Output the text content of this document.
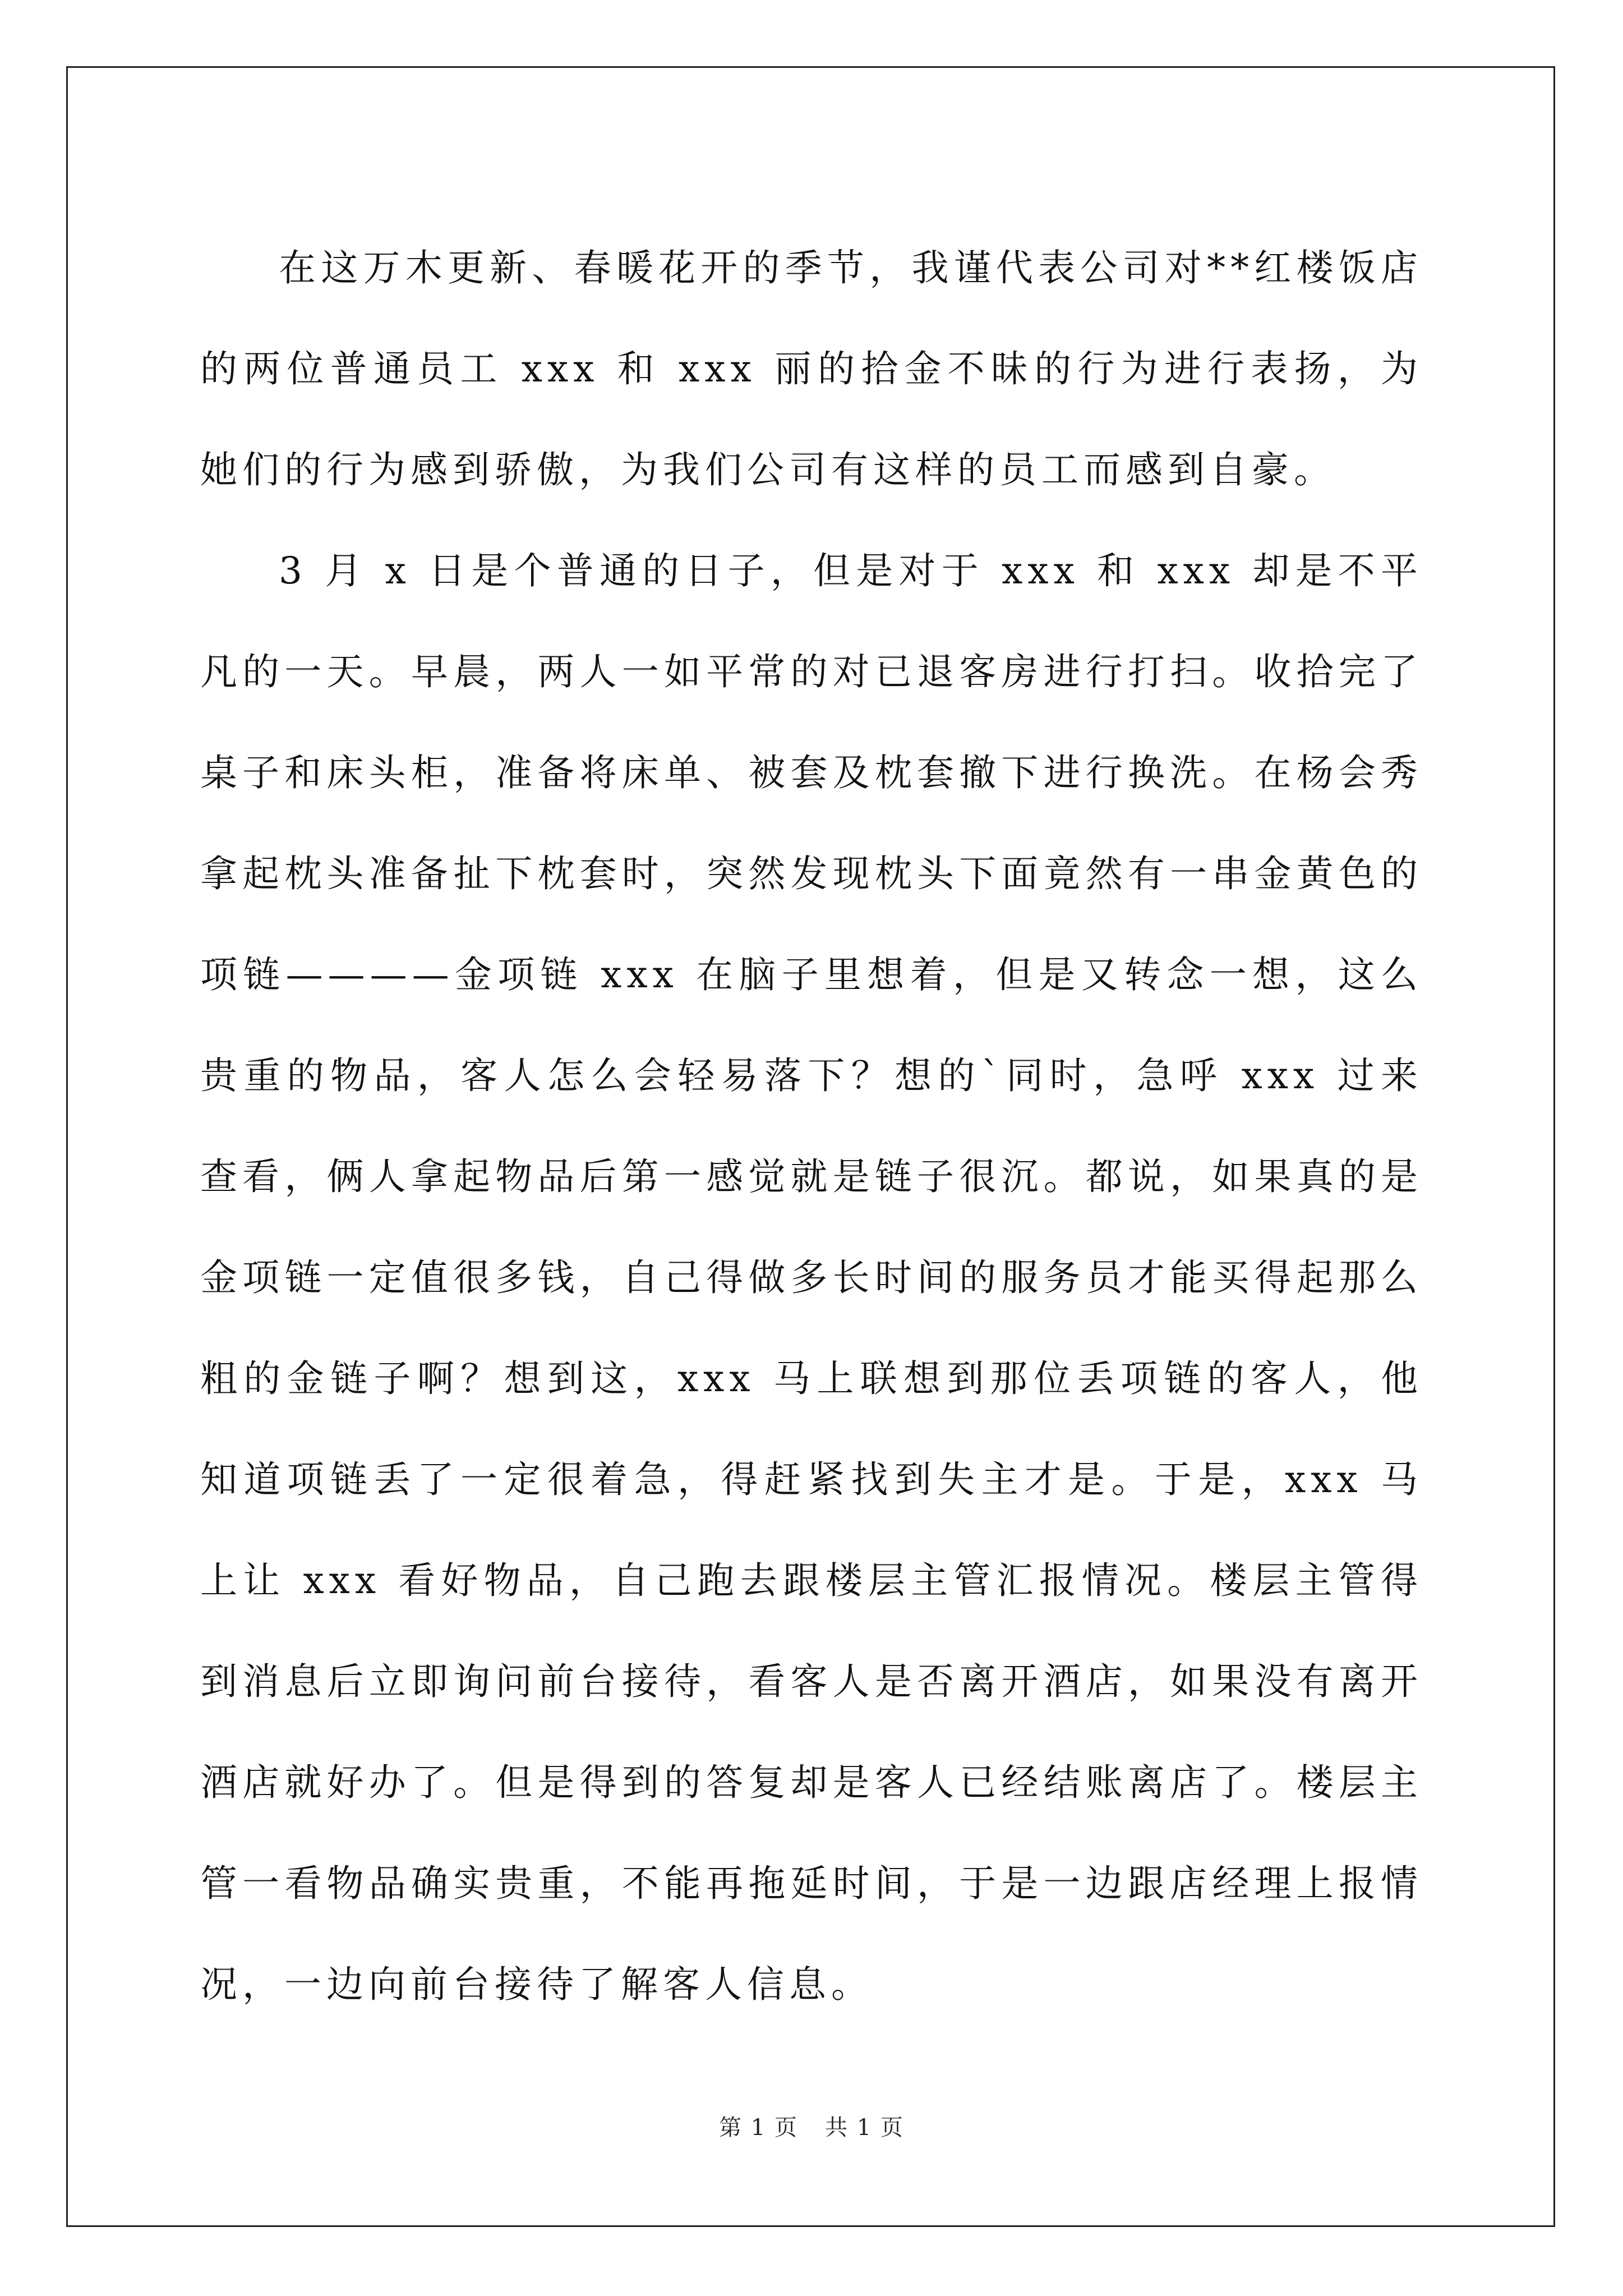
在这万木更新、春暖花开的季节，我谨代表公司对**红楼饭店的两位普通员工 xxx 和 xxx 丽的拾金不昧的行为进行表扬，为她们的行为感到骄傲，为我们公司有这样的员工而感到自豪。

3 月 x 日是个普通的日子，但是对于 xxx 和 xxx 却是不平凡的一天。早晨，两人一如平常的对已退客房进行打扫。收拾完了桌子和床头柜，准备将床单、被套及枕套撤下进行换洗。在杨会秀拿起枕头准备扯下枕套时，突然发现枕头下面竟然有一串金黄色的项链————金项链 xxx 在脑子里想着，但是又转念一想，这么贵重的物品，客人怎么会轻易落下？想的`同时，急呼 xxx 过来查看，俩人拿起物品后第一感觉就是链子很沉。都说，如果真的是金项链一定值很多钱，自己得做多长时间的服务员才能买得起那么粗的金链子啊？想到这，xxx 马上联想到那位丢项链的客人，他知道项链丢了一定很着急，得赶紧找到失主才是。于是，xxx 马上让 xxx 看好物品，自己跑去跟楼层主管汇报情况。楼层主管得到消息后立即询问前台接待，看客人是否离开酒店，如果没有离开酒店就好办了。但是得到的答复却是客人已经结账离店了。楼层主管一看物品确实贵重，不能再拖延时间，于是一边跟店经理上报情况，一边向前台接待了解客人信息。

第 1 页 共 1 页
